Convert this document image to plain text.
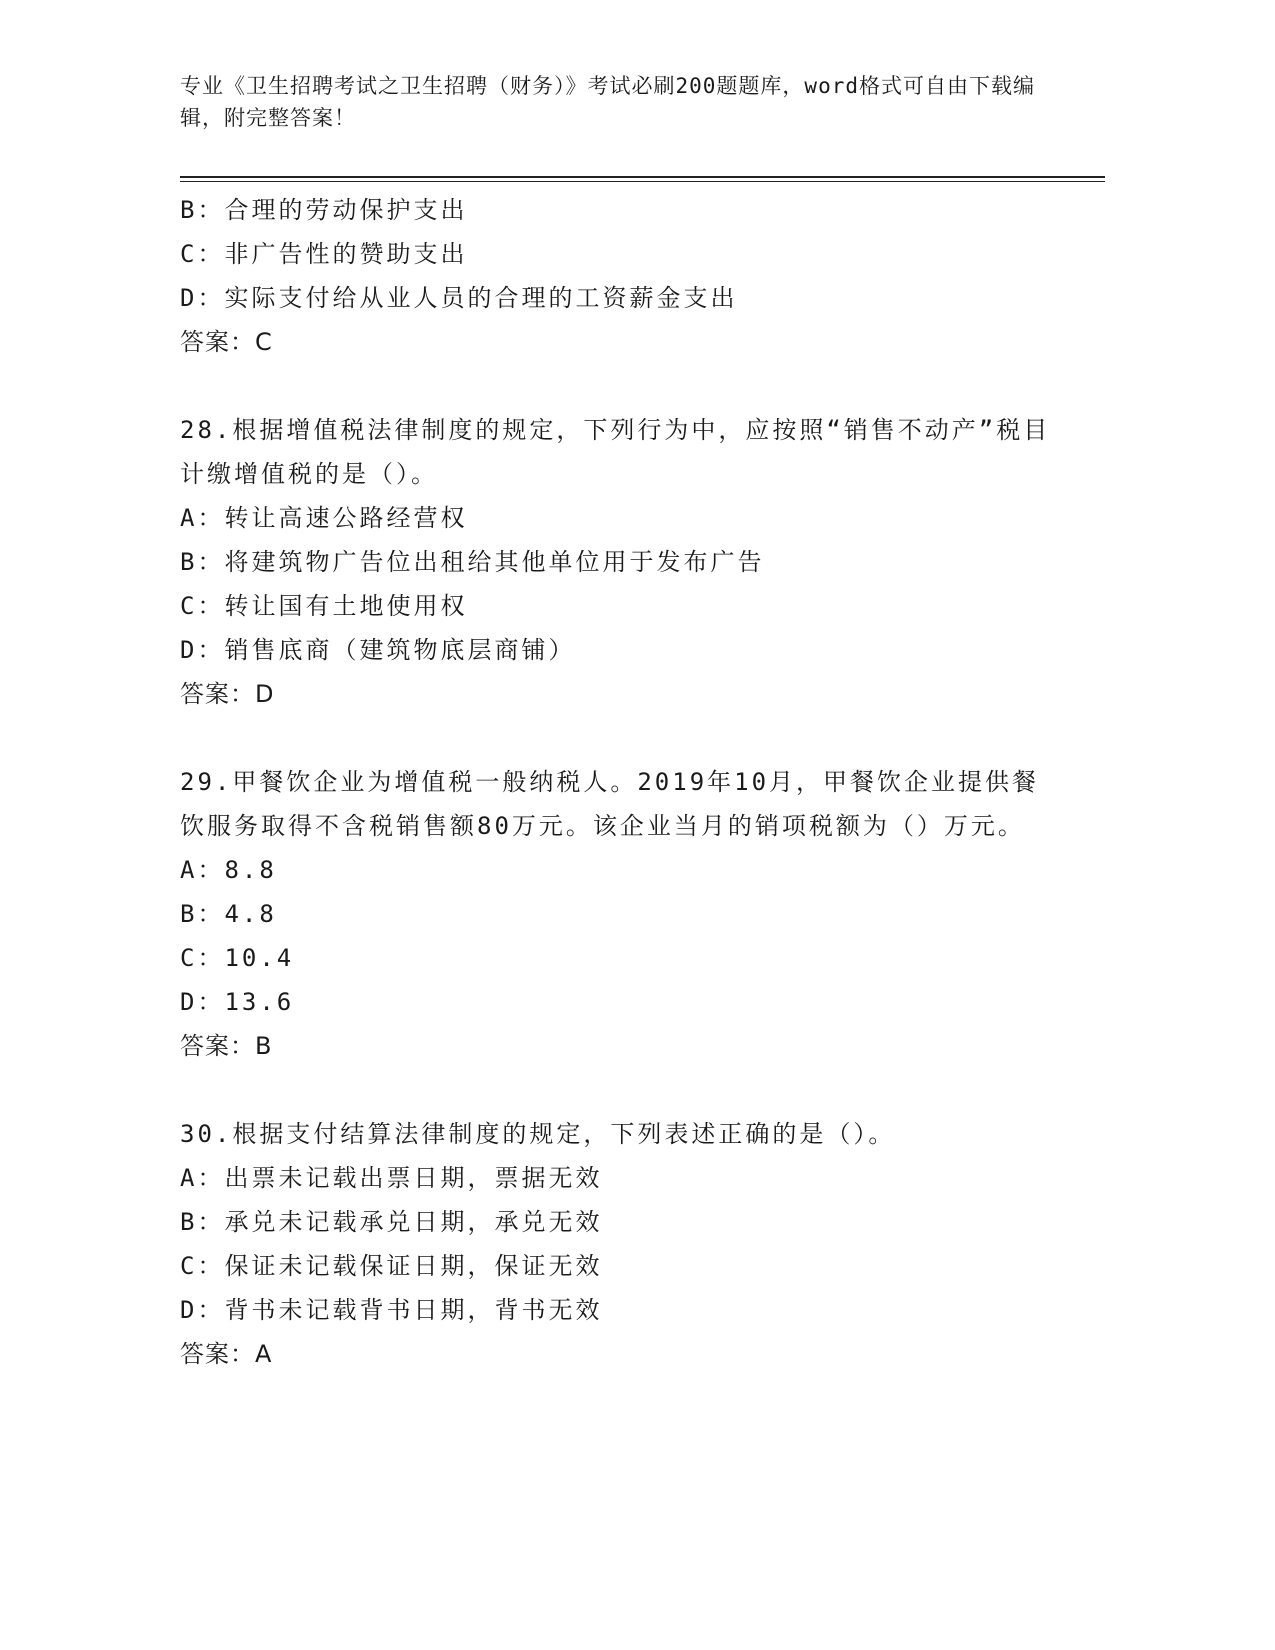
专业《卫生招聘考试之卫生招聘（财务）》考试必刷200题题库，word格式可自由下载编辑，附完整答案！
B：合理的劳动保护支出
C：非广告性的赞助支出
D：实际支付给从业人员的合理的工资薪金支出
答案：C
28.根据增值税法律制度的规定，下列行为中，应按照“销售不动产”税目计缴增值税的是（）。
A：转让高速公路经营权
B：将建筑物广告位出租给其他单位用于发布广告
C：转让国有土地使用权
D：销售底商（建筑物底层商铺）
答案：D
29.甲餐饮企业为增值税一般纳税人。2019年10月，甲餐饮企业提供餐饮服务取得不含税销售额80万元。该企业当月的销项税额为（）万元。
A：8.8
B：4.8
C：10.4
D：13.6
答案：B
30.根据支付结算法律制度的规定，下列表述正确的是（）。
A：出票未记载出票日期，票据无效
B：承兑未记载承兑日期，承兑无效
C：保证未记载保证日期，保证无效
D：背书未记载背书日期，背书无效
答案：A
